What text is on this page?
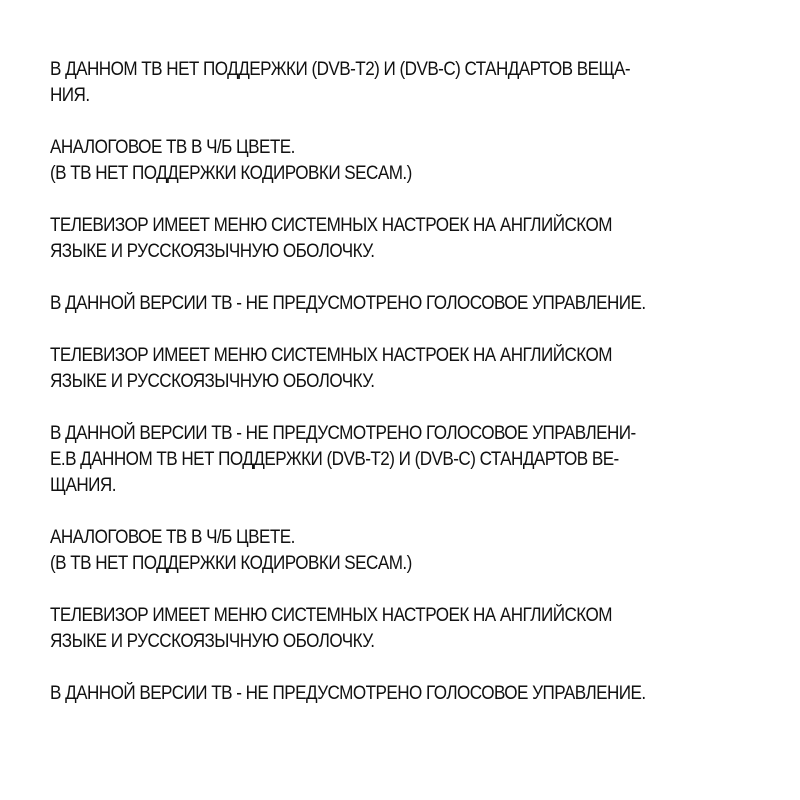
В ДАННОМ ТВ НЕТ ПОДДЕРЖКИ (DVB-T2) И (DVB-C) СТАНДАРТОВ ВЕЩА-
НИЯ.
АНАЛОГОВОЕ ТВ В Ч/Б ЦВЕТЕ.
(В ТВ НЕТ ПОДДЕРЖКИ КОДИРОВКИ SECAM.)
ТЕЛЕВИЗОР ИМЕЕТ МЕНЮ СИСТЕМНЫХ НАСТРОЕК НА АНГЛИЙСКОМ
ЯЗЫКЕ И РУССКОЯЗЫЧНУЮ ОБОЛОЧКУ.
В ДАННОЙ ВЕРСИИ ТВ - НЕ ПРЕДУСМОТРЕНО ГОЛОСОВОЕ УПРАВЛЕНИЕ.
ТЕЛЕВИЗОР ИМЕЕТ МЕНЮ СИСТЕМНЫХ НАСТРОЕК НА АНГЛИЙСКОМ
ЯЗЫКЕ И РУССКОЯЗЫЧНУЮ ОБОЛОЧКУ.
В ДАННОЙ ВЕРСИИ ТВ - НЕ ПРЕДУСМОТРЕНО ГОЛОСОВОЕ УПРАВЛЕНИ-
Е.В ДАННОМ ТВ НЕТ ПОДДЕРЖКИ (DVB-T2) И (DVB-C) СТАНДАРТОВ ВЕ-
ЩАНИЯ.
АНАЛОГОВОЕ ТВ В Ч/Б ЦВЕТЕ.
(В ТВ НЕТ ПОДДЕРЖКИ КОДИРОВКИ SECAM.)
ТЕЛЕВИЗОР ИМЕЕТ МЕНЮ СИСТЕМНЫХ НАСТРОЕК НА АНГЛИЙСКОМ
ЯЗЫКЕ И РУССКОЯЗЫЧНУЮ ОБОЛОЧКУ.
В ДАННОЙ ВЕРСИИ ТВ - НЕ ПРЕДУСМОТРЕНО ГОЛОСОВОЕ УПРАВЛЕНИЕ.
